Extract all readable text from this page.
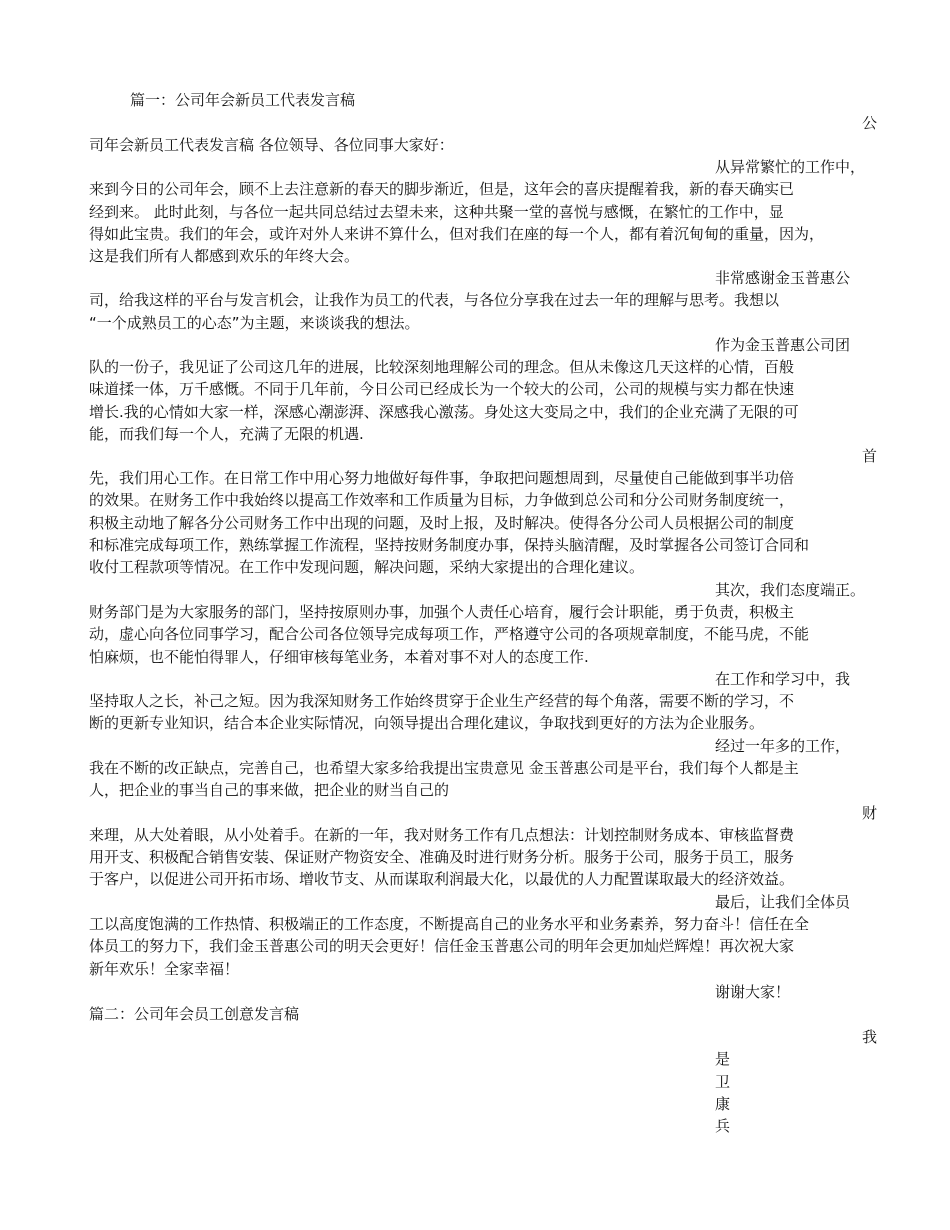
篇一：公司年会新员工代表发言稿
公
司年会新员工代表发言稿 各位领导、各位同事大家好：
从异常繁忙的工作中，
来到今日的公司年会，顾不上去注意新的春天的脚步渐近，但是，这年会的喜庆提醒着我，新的春天确实已
经到来。 此时此刻，与各位一起共同总结过去望未来，这种共聚一堂的喜悦与感慨，在繁忙的工作中，显
得如此宝贵。我们的年会，或许对外人来讲不算什么，但对我们在座的每一个人，都有着沉甸甸的重量，因为，
这是我们所有人都感到欢乐的年终大会。
非常感谢金玉普惠公
司，给我这样的平台与发言机会，让我作为员工的代表，与各位分享我在过去一年的理解与思考。我想以
“一个成熟员工的心态”为主题，来谈谈我的想法。
作为金玉普惠公司团
队的一份子，我见证了公司这几年的进展，比较深刻地理解公司的理念。但从未像这几天这样的心情，百般
味道揉一体，万千感慨。不同于几年前，今日公司已经成长为一个较大的公司，公司的规模与实力都在快速
增长.我的心情如大家一样，深感心潮澎湃、深感我心激荡。身处这大变局之中，我们的企业充满了无限的可
能，而我们每一个人，充满了无限的机遇.
首
先，我们用心工作。在日常工作中用心努力地做好每件事，争取把问题想周到，尽量使自己能做到事半功倍
的效果。在财务工作中我始终以提高工作效率和工作质量为目标，力争做到总公司和分公司财务制度统一，
积极主动地了解各分公司财务工作中出现的问题，及时上报，及时解决。使得各分公司人员根据公司的制度
和标准完成每项工作，熟练掌握工作流程，坚持按财务制度办事，保持头脑清醒，及时掌握各公司签订合同和
收付工程款项等情况。在工作中发现问题，解决问题，采纳大家提出的合理化建议。
其次，我们态度端正。
财务部门是为大家服务的部门，坚持按原则办事，加强个人责任心培育，履行会计职能，勇于负责，积极主
动，虚心向各位同事学习，配合公司各位领导完成每项工作，严格遵守公司的各项规章制度，不能马虎，不能
怕麻烦，也不能怕得罪人，仔细审核每笔业务，本着对事不对人的态度工作.
在工作和学习中，我
坚持取人之长，补己之短。因为我深知财务工作始终贯穿于企业生产经营的每个角落，需要不断的学习，不
断的更新专业知识，结合本企业实际情况，向领导提出合理化建议，争取找到更好的方法为企业服务。
经过一年多的工作，
我在不断的改正缺点，完善自己，也希望大家多给我提出宝贵意见 金玉普惠公司是平台，我们每个人都是主
人，把企业的事当自己的事来做，把企业的财当自己的
财
来理，从大处着眼，从小处着手。在新的一年，我对财务工作有几点想法：计划控制财务成本、审核监督费
用开支、积极配合销售安装、保证财产物资安全、准确及时进行财务分析。服务于公司，服务于员工，服务
于客户，以促进公司开拓市场、增收节支、从而谋取利润最大化，以最优的人力配置谋取最大的经济效益。
最后，让我们全体员
工以高度饱满的工作热情、积极端正的工作态度，不断提高自己的业务水平和业务素养，努力奋斗！信任在全
体员工的努力下，我们金玉普惠公司的明天会更好！信任金玉普惠公司的明年会更加灿烂辉煌！再次祝大家
新年欢乐！全家幸福！
谢谢大家！
篇二：公司年会员工创意发言稿
我
是
卫
康
兵
